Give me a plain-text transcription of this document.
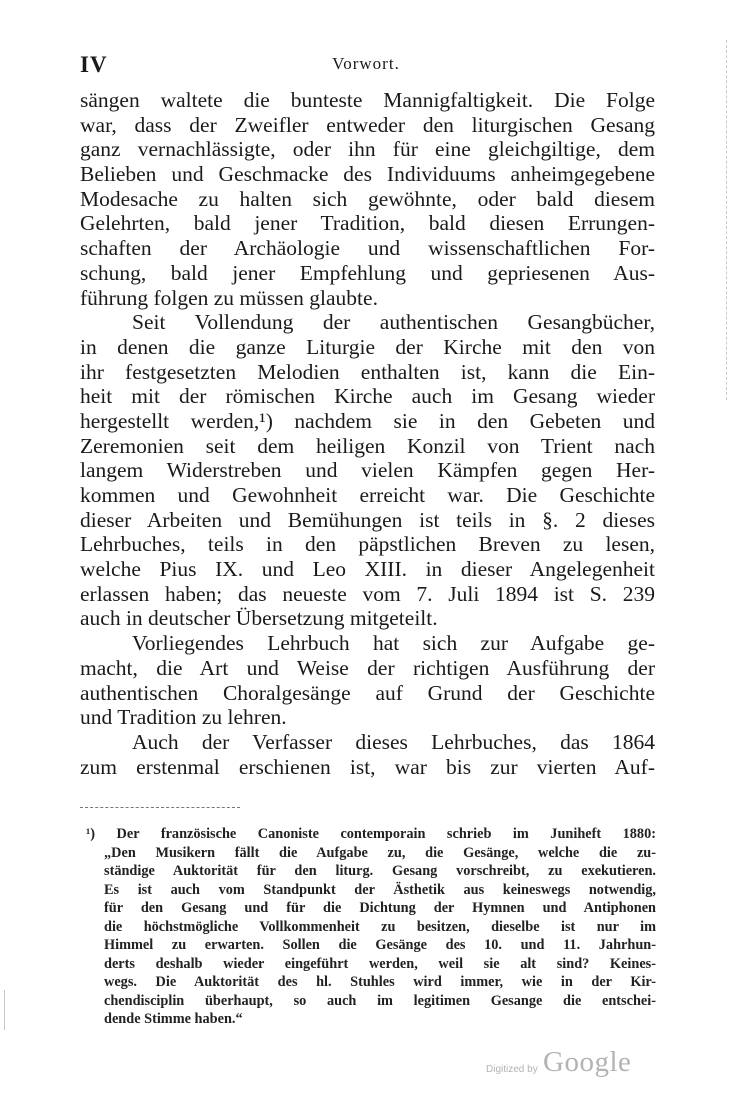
IV	Vorwort.
sängen waltete die bunteste Mannigfaltigkeit. Die Folge
war, dass der Zweifler entweder den liturgischen Gesang
ganz vernachlässigte, oder ihn für eine gleichgiltige, dem
Belieben und Geschmacke des Individuums anheimgegebene
Modesache zu halten sich gewöhnte, oder bald diesem
Gelehrten, bald jener Tradition, bald diesen Errungen-
schaften der Archäologie und wissenschaftlichen For-
schung, bald jener Empfehlung und gepriesenen Aus-
führung folgen zu müssen glaubte.
Seit Vollendung der authentischen Gesangbücher,
in denen die ganze Liturgie der Kirche mit den von
ihr festgesetzten Melodien enthalten ist, kann die Ein-
heit mit der römischen Kirche auch im Gesang wieder
hergestellt werden,¹) nachdem sie in den Gebeten und
Zeremonien seit dem heiligen Konzil von Trient nach
langem Widerstreben und vielen Kämpfen gegen Her-
kommen und Gewohnheit erreicht war. Die Geschichte
dieser Arbeiten und Bemühungen ist teils in §. 2 dieses
Lehrbuches, teils in den päpstlichen Breven zu lesen,
welche Pius IX. und Leo XIII. in dieser Angelegenheit
erlassen haben; das neueste vom 7. Juli 1894 ist S. 239
auch in deutscher Übersetzung mitgeteilt.
Vorliegendes Lehrbuch hat sich zur Aufgabe ge-
macht, die Art und Weise der richtigen Ausführung der
authentischen Choralgesänge auf Grund der Geschichte
und Tradition zu lehren.
Auch der Verfasser dieses Lehrbuches, das 1864
zum erstenmal erschienen ist, war bis zur vierten Auf-
¹) Der französische Canoniste contemporain schrieb im Juniheft 1880:
„Den Musikern fällt die Aufgabe zu, die Gesänge, welche die zu-
ständige Auktorität für den liturg. Gesang vorschreibt, zu exekutieren.
Es ist auch vom Standpunkt der Ästhetik aus keineswegs notwendig,
für den Gesang und für die Dichtung der Hymnen und Antiphonen
die höchstmögliche Vollkommenheit zu besitzen, dieselbe ist nur im
Himmel zu erwarten. Sollen die Gesänge des 10. und 11. Jahrhun-
derts deshalb wieder eingeführt werden, weil sie alt sind? Keines-
wegs. Die Auktorität des hl. Stuhles wird immer, wie in der Kir-
chendisciplin überhaupt, so auch im legitimen Gesange die entschei-
dende Stimme haben.“
Digitized by Google
